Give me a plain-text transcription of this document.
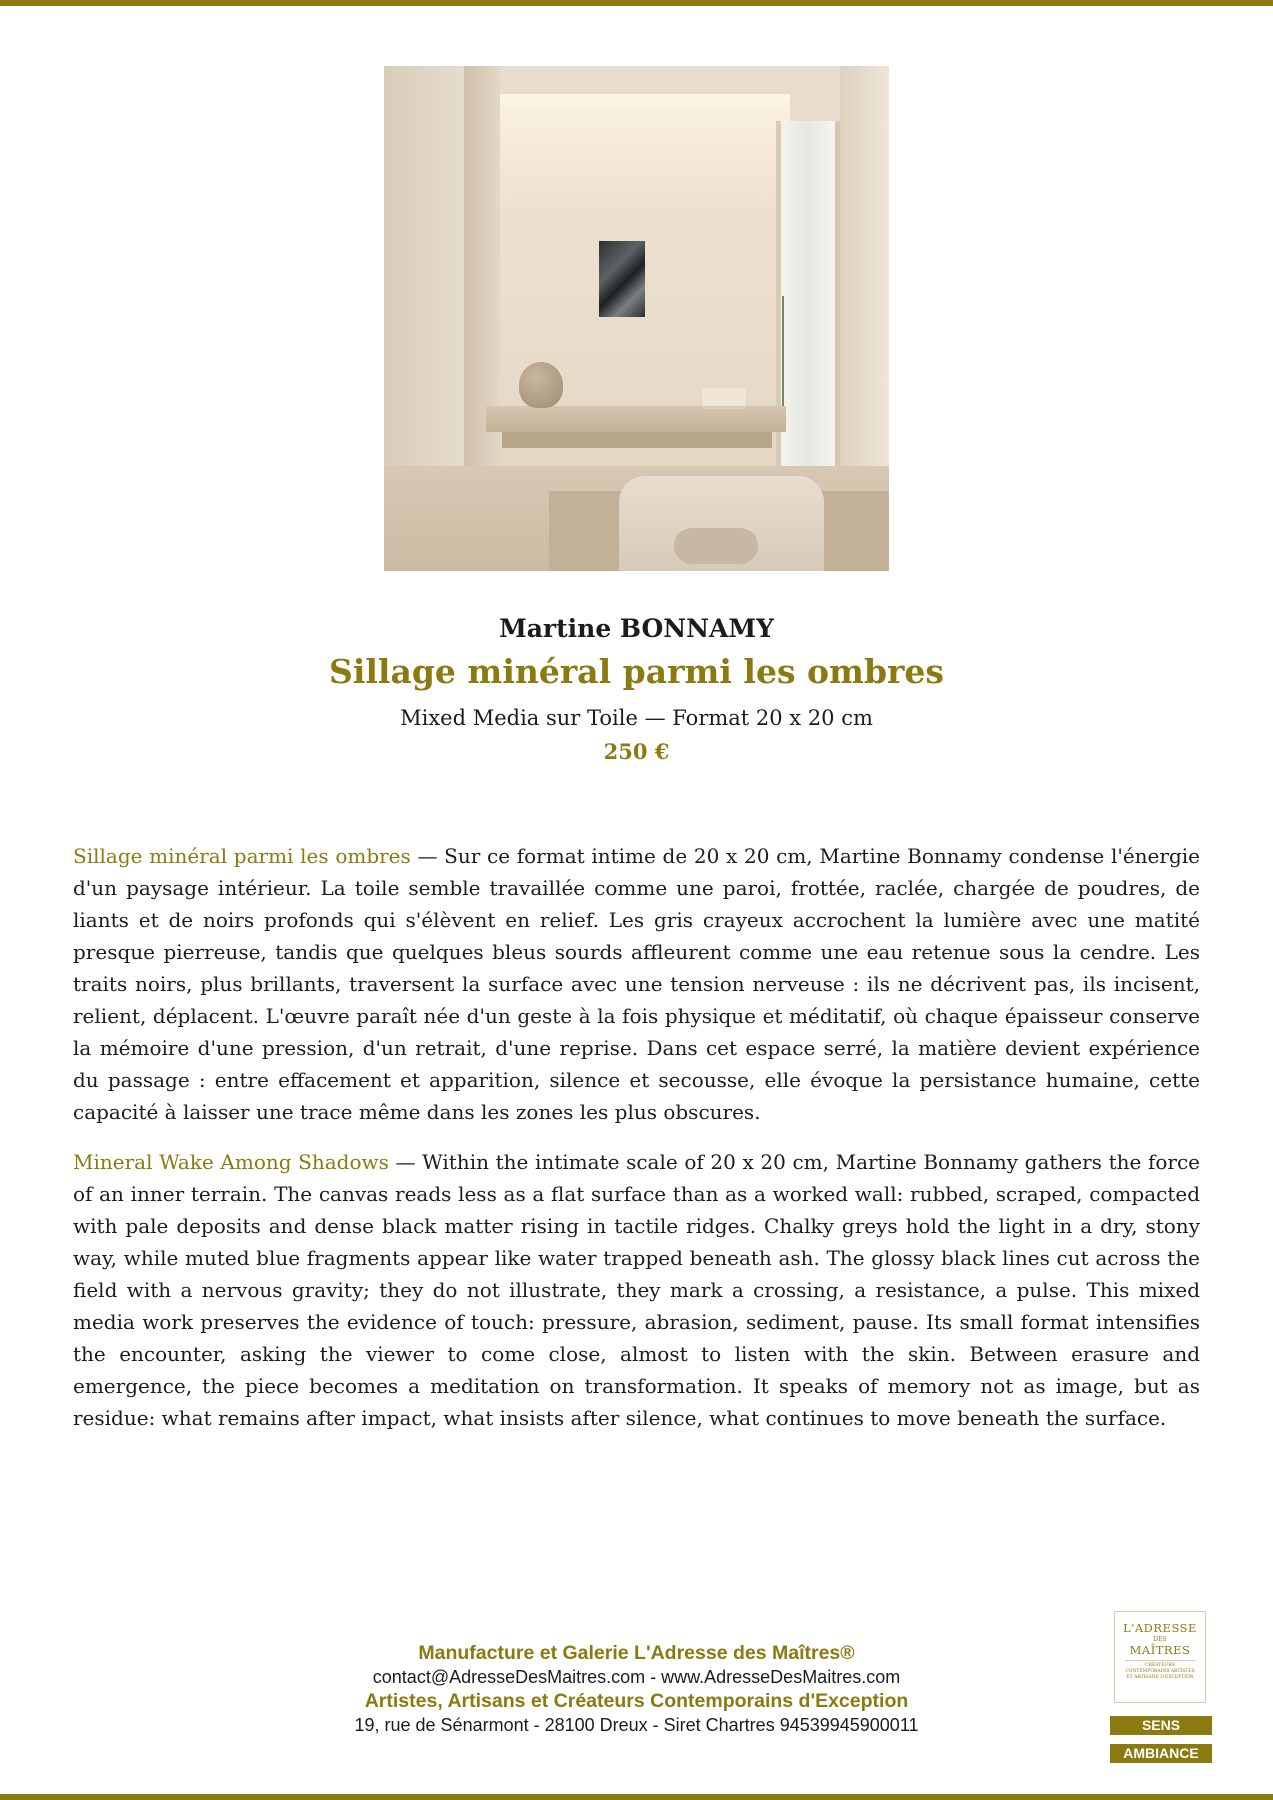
Martine BONNAMY
Sillage minéral parmi les ombres
Mixed Media sur Toile — Format 20 x 20 cm
250 €

Sillage minéral parmi les ombres — Sur ce format intime de 20 x 20 cm, Martine Bonnamy condense l'énergie d'un paysage intérieur. La toile semble travaillée comme une paroi, frottée, raclée, chargée de poudres, de liants et de noirs profonds qui s'élèvent en relief. Les gris crayeux accrochent la lumière avec une matité presque pierreuse, tandis que quelques bleus sourds affleurent comme une eau retenue sous la cendre. Les traits noirs, plus brillants, traversent la surface avec une tension nerveuse : ils ne décrivent pas, ils incisent, relient, déplacent. L'œuvre paraît née d'un geste à la fois physique et méditatif, où chaque épaisseur conserve la mémoire d'une pression, d'un retrait, d'une reprise. Dans cet espace serré, la matière devient expérience du passage : entre effacement et apparition, silence et secousse, elle évoque la persistance humaine, cette capacité à laisser une trace même dans les zones les plus obscures.

Mineral Wake Among Shadows — Within the intimate scale of 20 x 20 cm, Martine Bonnamy gathers the force of an inner terrain. The canvas reads less as a flat surface than as a worked wall: rubbed, scraped, compacted with pale deposits and dense black matter rising in tactile ridges. Chalky greys hold the light in a dry, stony way, while muted blue fragments appear like water trapped beneath ash. The glossy black lines cut across the field with a nervous gravity; they do not illustrate, they mark a crossing, a resistance, a pulse. This mixed media work preserves the evidence of touch: pressure, abrasion, sediment, pause. Its small format intensifies the encounter, asking the viewer to come close, almost to listen with the skin. Between erasure and emergence, the piece becomes a meditation on transformation. It speaks of memory not as image, but as residue: what remains after impact, what insists after silence, what continues to move beneath the surface.

Manufacture et Galerie L'Adresse des Maîtres®
contact@AdresseDesMaitres.com - www.AdresseDesMaitres.com
Artistes, Artisans et Créateurs Contemporains d'Exception
19, rue de Sénarmont - 28100 Dreux - Siret Chartres 94539945900011
L'ADRESSE
DES
MAÎTRES
CRÉATEURS CONTEMPORAINS ARTISTES ET ARTISANS D'EXCEPTION
SENS
AMBIANCE
